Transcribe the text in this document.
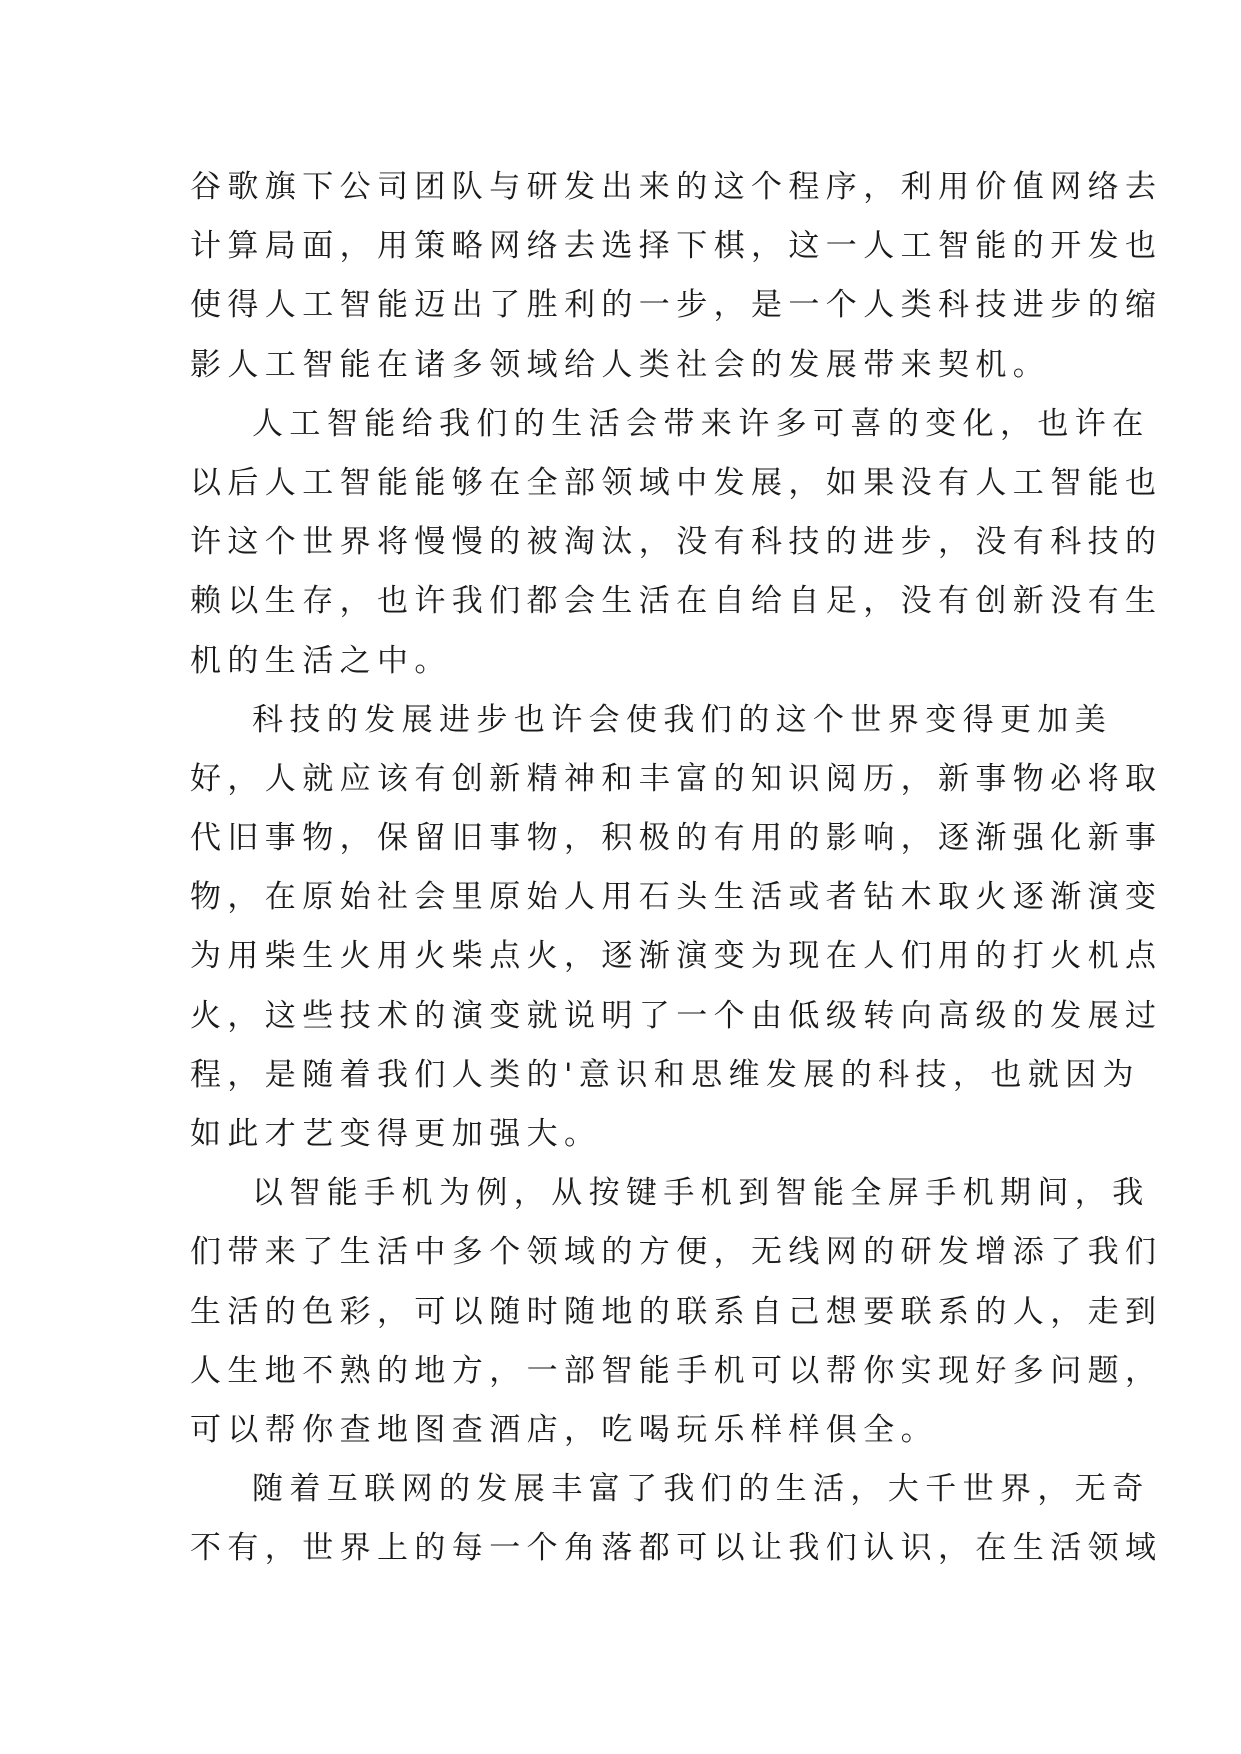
谷歌旗下公司团队与研发出来的这个程序，利用价值网络去
计算局面，用策略网络去选择下棋，这一人工智能的开发也
使得人工智能迈出了胜利的一步，是一个人类科技进步的缩
影人工智能在诸多领域给人类社会的发展带来契机。
人工智能给我们的生活会带来许多可喜的变化，也许在
以后人工智能能够在全部领域中发展，如果没有人工智能也
许这个世界将慢慢的被淘汰，没有科技的进步，没有科技的
赖以生存，也许我们都会生活在自给自足，没有创新没有生
机的生活之中。
科技的发展进步也许会使我们的这个世界变得更加美
好，人就应该有创新精神和丰富的知识阅历，新事物必将取
代旧事物，保留旧事物，积极的有用的影响，逐渐强化新事
物，在原始社会里原始人用石头生活或者钻木取火逐渐演变
为用柴生火用火柴点火，逐渐演变为现在人们用的打火机点
火，这些技术的演变就说明了一个由低级转向高级的发展过
程，是随着我们人类的'意识和思维发展的科技，也就因为
如此才艺变得更加强大。
以智能手机为例，从按键手机到智能全屏手机期间，我
们带来了生活中多个领域的方便，无线网的研发增添了我们
生活的色彩，可以随时随地的联系自己想要联系的人，走到
人生地不熟的地方，一部智能手机可以帮你实现好多问题，
可以帮你查地图查酒店，吃喝玩乐样样俱全。
随着互联网的发展丰富了我们的生活，大千世界，无奇
不有，世界上的每一个角落都可以让我们认识，在生活领域
